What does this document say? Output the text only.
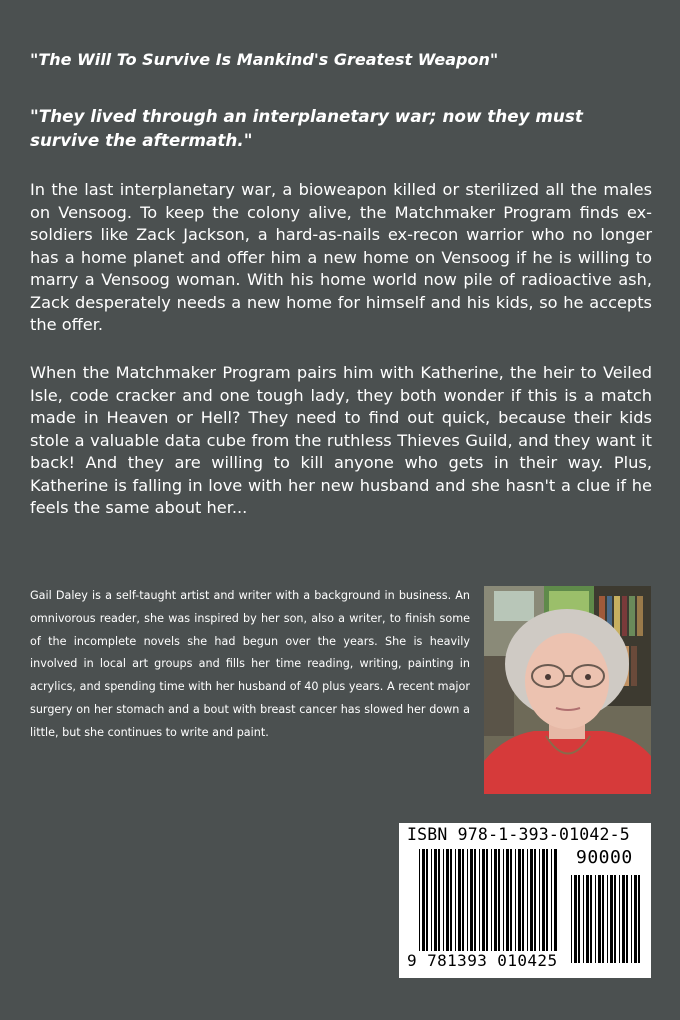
"The Will To Survive Is Mankind's Greatest Weapon"

"They lived through an interplanetary war; now they must survive the aftermath."

In the last interplanetary war, a bioweapon killed or sterilized all the males on Vensoog. To keep the colony alive, the Matchmaker Program finds ex-soldiers like Zack Jackson, a hard-as-nails ex-recon warrior who no longer has a home planet and offer him a new home on Vensoog if he is willing to marry a Vensoog woman. With his home world now pile of radioactive ash, Zack desperately needs a new home for himself and his kids, so he accepts the offer.

When the Matchmaker Program pairs him with Katherine, the heir to Veiled Isle, code cracker and one tough lady, they both wonder if this is a match made in Heaven or Hell? They need to find out quick, because their kids stole a valuable data cube from the ruthless Thieves Guild, and they want it back! And they are willing to kill anyone who gets in their way. Plus, Katherine is falling in love with her new husband and she hasn't a clue if he feels the same about her...

Gail Daley is a self-taught artist and writer with a background in business. An omnivorous reader, she was inspired by her son, also a writer, to finish some of the incomplete novels she had begun over the years. She is heavily involved in local art groups and fills her time reading, writing, painting in acrylics, and spending time with her husband of 40 plus years. A recent major surgery on her stomach and a bout with breast cancer has slowed her down a little, but she continues to write and paint.

ISBN 978-1-393-01042-5
90000
9 781393 010425
